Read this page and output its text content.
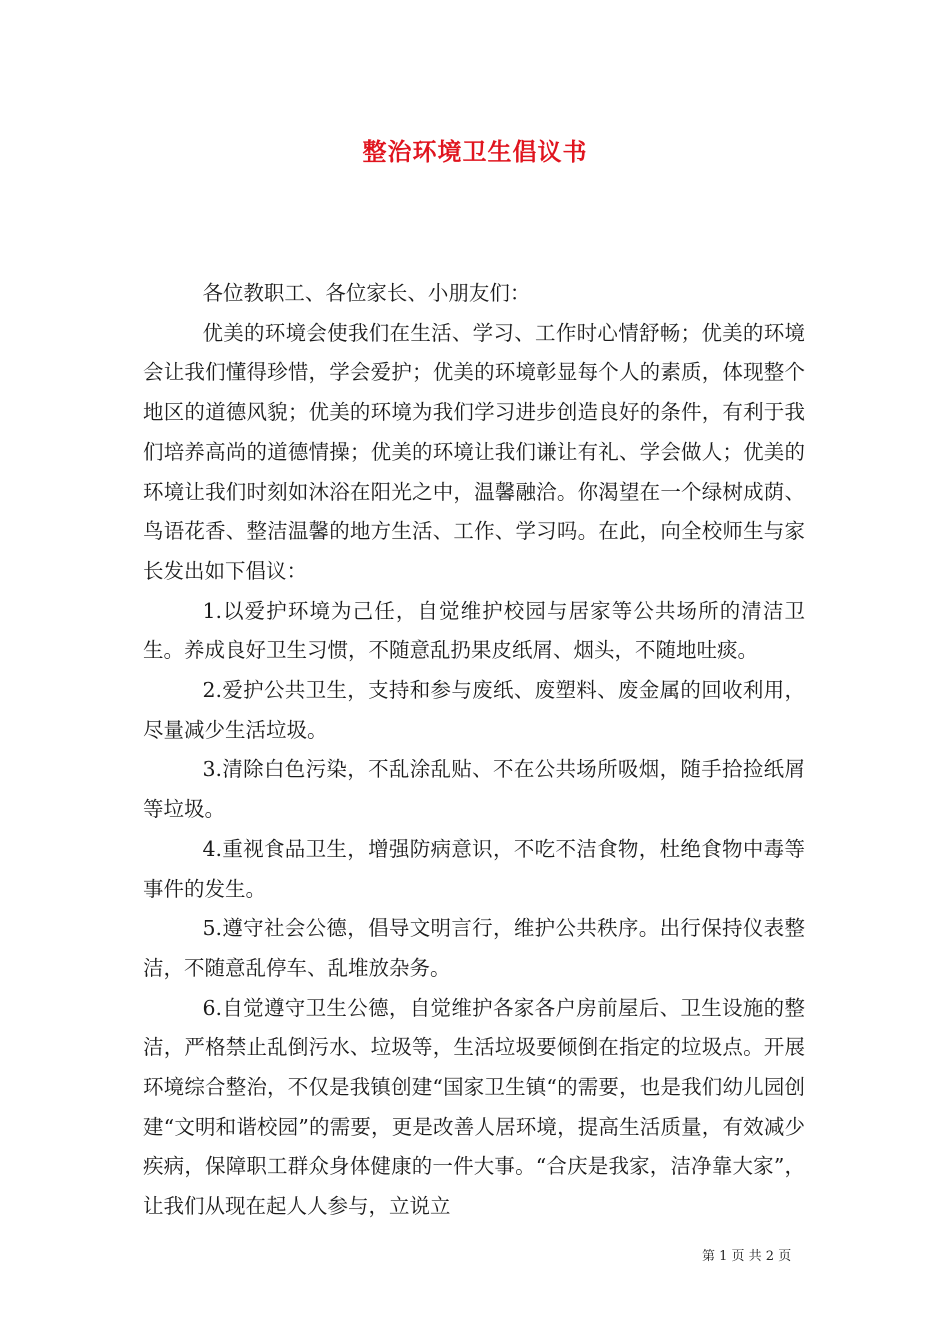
整治环境卫生倡议书

各位教职工、各位家长、小朋友们：

优美的环境会使我们在生活、学习、工作时心情舒畅；优美的环境会让我们懂得珍惜，学会爱护；优美的环境彰显每个人的素质，体现整个地区的道德风貌；优美的环境为我们学习进步创造良好的条件，有利于我们培养高尚的道德情操；优美的环境让我们谦让有礼、学会做人；优美的环境让我们时刻如沐浴在阳光之中，温馨融洽。你渴望在一个绿树成荫、鸟语花香、整洁温馨的地方生活、工作、学习吗。在此，向全校师生与家长发出如下倡议：

1.以爱护环境为己任，自觉维护校园与居家等公共场所的清洁卫生。养成良好卫生习惯，不随意乱扔果皮纸屑、烟头，不随地吐痰。

2.爱护公共卫生，支持和参与废纸、废塑料、废金属的回收利用，尽量减少生活垃圾。

3.清除白色污染，不乱涂乱贴、不在公共场所吸烟，随手拾捡纸屑等垃圾。

4.重视食品卫生，增强防病意识，不吃不洁食物，杜绝食物中毒等事件的发生。

5.遵守社会公德，倡导文明言行，维护公共秩序。出行保持仪表整洁，不随意乱停车、乱堆放杂务。

6.自觉遵守卫生公德，自觉维护各家各户房前屋后、卫生设施的整洁，严格禁止乱倒污水、垃圾等，生活垃圾要倾倒在指定的垃圾点。开展环境综合整治，不仅是我镇创建“国家卫生镇“的需要，也是我们幼儿园创建“文明和谐校园”的需要，更是改善人居环境，提高生活质量，有效减少疾病，保障职工群众身体健康的一件大事。“合庆是我家，洁净靠大家”，让我们从现在起人人参与，立说立

第 1 页 共 2 页
